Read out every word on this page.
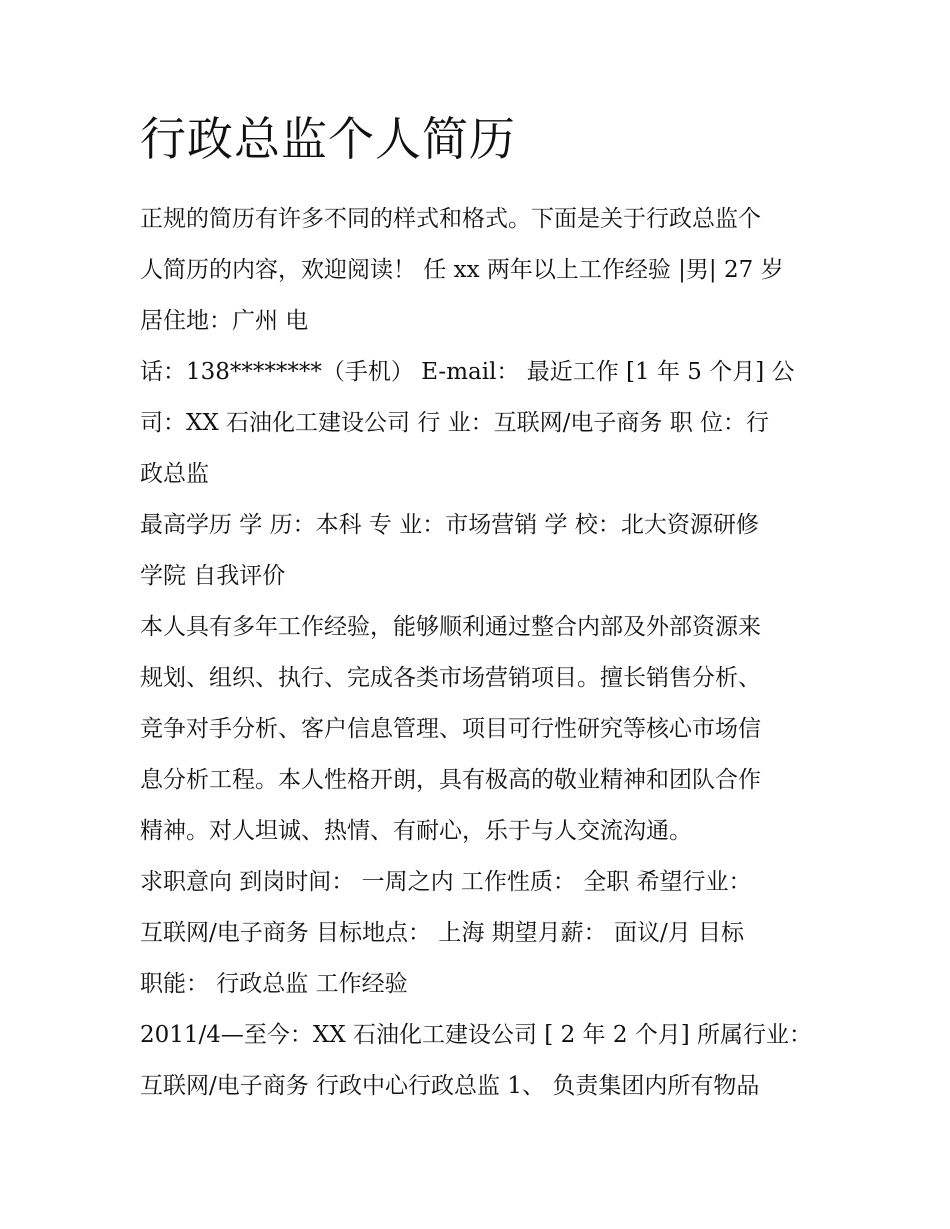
行政总监个人简历

正规的简历有许多不同的样式和格式。下面是关于行政总监个

人简历的内容，欢迎阅读！ 任 xx 两年以上工作经验 |男| 27 岁

居住地：广州 电

话：138********（手机） E-mail： 最近工作 [1 年 5 个月] 公

司：XX 石油化工建设公司 行 业：互联网/电子商务 职 位：行

政总监

最高学历 学 历：本科 专 业：市场营销 学 校：北大资源研修

学院 自我评价

本人具有多年工作经验，能够顺利通过整合内部及外部资源来

规划、组织、执行、完成各类市场营销项目。擅长销售分析、

竞争对手分析、客户信息管理、项目可行性研究等核心市场信

息分析工程。本人性格开朗，具有极高的敬业精神和团队合作

精神。对人坦诚、热情、有耐心，乐于与人交流沟通。

求职意向 到岗时间： 一周之内 工作性质： 全职 希望行业：

互联网/电子商务 目标地点： 上海 期望月薪： 面议/月 目标

职能： 行政总监 工作经验

2011/4—至今：XX 石油化工建设公司 [ 2 年 2 个月] 所属行业：

互联网/电子商务 行政中心行政总监 1、 负责集团内所有物品
